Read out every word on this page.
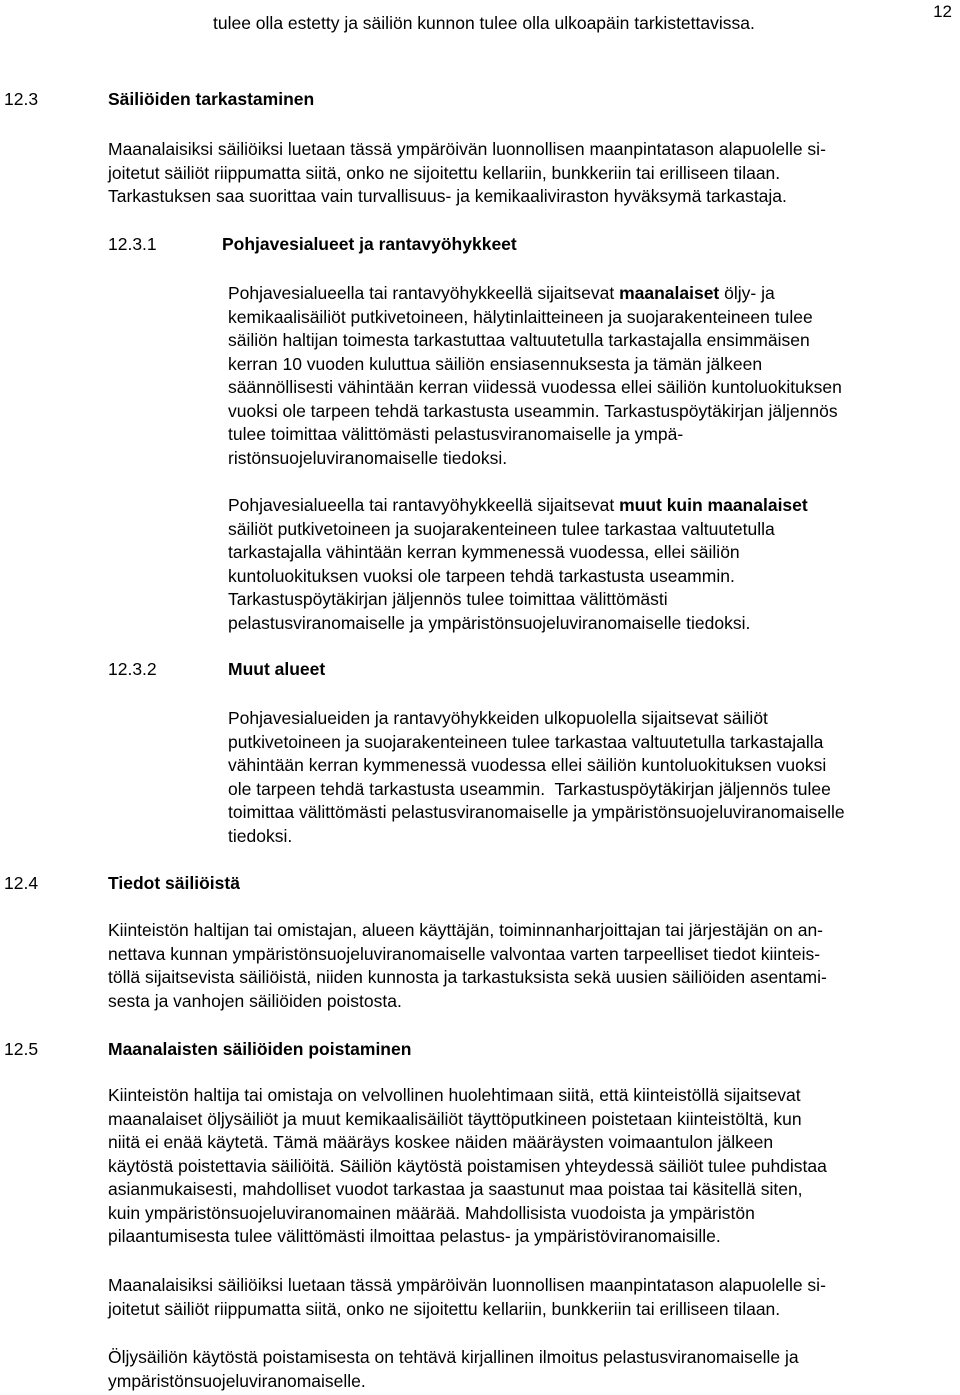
12
tulee olla estetty ja säiliön kunnon tulee olla ulkoapäin tarkistettavissa.
12.3	Säiliöiden tarkastaminen
Maanalaisiksi säiliöiksi luetaan tässä ympäröivän luonnollisen maanpintatason alapuolelle si-
joitetut säiliöt riippumatta siitä, onko ne sijoitettu kellariin, bunkkeriin tai erilliseen tilaan.
Tarkastuksen saa suorittaa vain turvallisuus- ja kemikaaliviraston hyväksymä tarkastaja.
12.3.1	Pohjavesialueet ja rantavyöhykkeet
Pohjavesialueella tai rantavyöhykkeellä sijaitsevat maanalaiset öljy- ja
kemikaalisäiliöt putkivetoineen, hälytinlaitteineen ja suojarakenteineen tulee
säiliön haltijan toimesta tarkastuttaa valtuutetulla tarkastajalla ensimmäisen
kerran 10 vuoden kuluttua säiliön ensiasennuksesta ja tämän jälkeen
säännöllisesti vähintään kerran viidessä vuodessa ellei säiliön kuntoluokituksen
vuoksi ole tarpeen tehdä tarkastusta useammin. Tarkastuspöytäkirjan jäljennös
tulee toimittaa välittömästi pelastusviranomaiselle ja ympä-
ristönsuojeluviranomaiselle tiedoksi.
Pohjavesialueella tai rantavyöhykkeellä sijaitsevat muut kuin maanalaiset
säiliöt putkivetoineen ja suojarakenteineen tulee tarkastaa valtuutetulla
tarkastajalla vähintään kerran kymmenessä vuodessa, ellei säiliön
kuntoluokituksen vuoksi ole tarpeen tehdä tarkastusta useammin.
Tarkastuspöytäkirjan jäljennös tulee toimittaa välittömästi
pelastusviranomaiselle ja ympäristönsuojeluviranomaiselle tiedoksi.
12.3.2	Muut alueet
Pohjavesialueiden ja rantavyöhykkeiden ulkopuolella sijaitsevat säiliöt
putkivetoineen ja suojarakenteineen tulee tarkastaa valtuutetulla tarkastajalla
vähintään kerran kymmenessä vuodessa ellei säiliön kuntoluokituksen vuoksi
ole tarpeen tehdä tarkastusta useammin.  Tarkastuspöytäkirjan jäljennös tulee
toimittaa välittömästi pelastusviranomaiselle ja ympäristönsuojeluviranomaiselle
tiedoksi.
12.4	Tiedot säiliöistä
Kiinteistön haltijan tai omistajan, alueen käyttäjän, toiminnanharjoittajan tai järjestäjän on an-
nettava kunnan ympäristönsuojeluviranomaiselle valvontaa varten tarpeelliset tiedot kiinteis-
töllä sijaitsevista säiliöistä, niiden kunnosta ja tarkastuksista sekä uusien säiliöiden asentami-
sesta ja vanhojen säiliöiden poistosta.
12.5	Maanalaisten säiliöiden poistaminen
Kiinteistön haltija tai omistaja on velvollinen huolehtimaan siitä, että kiinteistöllä sijaitsevat
maanalaiset öljysäiliöt ja muut kemikaalisäiliöt täyttöputkineen poistetaan kiinteistöltä, kun
niitä ei enää käytetä. Tämä määräys koskee näiden määräysten voimaantulon jälkeen
käytöstä poistettavia säiliöitä. Säiliön käytöstä poistamisen yhteydessä säiliöt tulee puhdistaa
asianmukaisesti, mahdolliset vuodot tarkastaa ja saastunut maa poistaa tai käsitellä siten,
kuin ympäristönsuojeluviranomainen määrää. Mahdollisista vuodoista ja ympäristön
pilaantumisesta tulee välittömästi ilmoittaa pelastus- ja ympäristöviranomaisille.
Maanalaisiksi säiliöiksi luetaan tässä ympäröivän luonnollisen maanpintatason alapuolelle si-
joitetut säiliöt riippumatta siitä, onko ne sijoitettu kellariin, bunkkeriin tai erilliseen tilaan.
Öljysäiliön käytöstä poistamisesta on tehtävä kirjallinen ilmoitus pelastusviranomaiselle ja
ympäristönsuojeluviranomaiselle.
